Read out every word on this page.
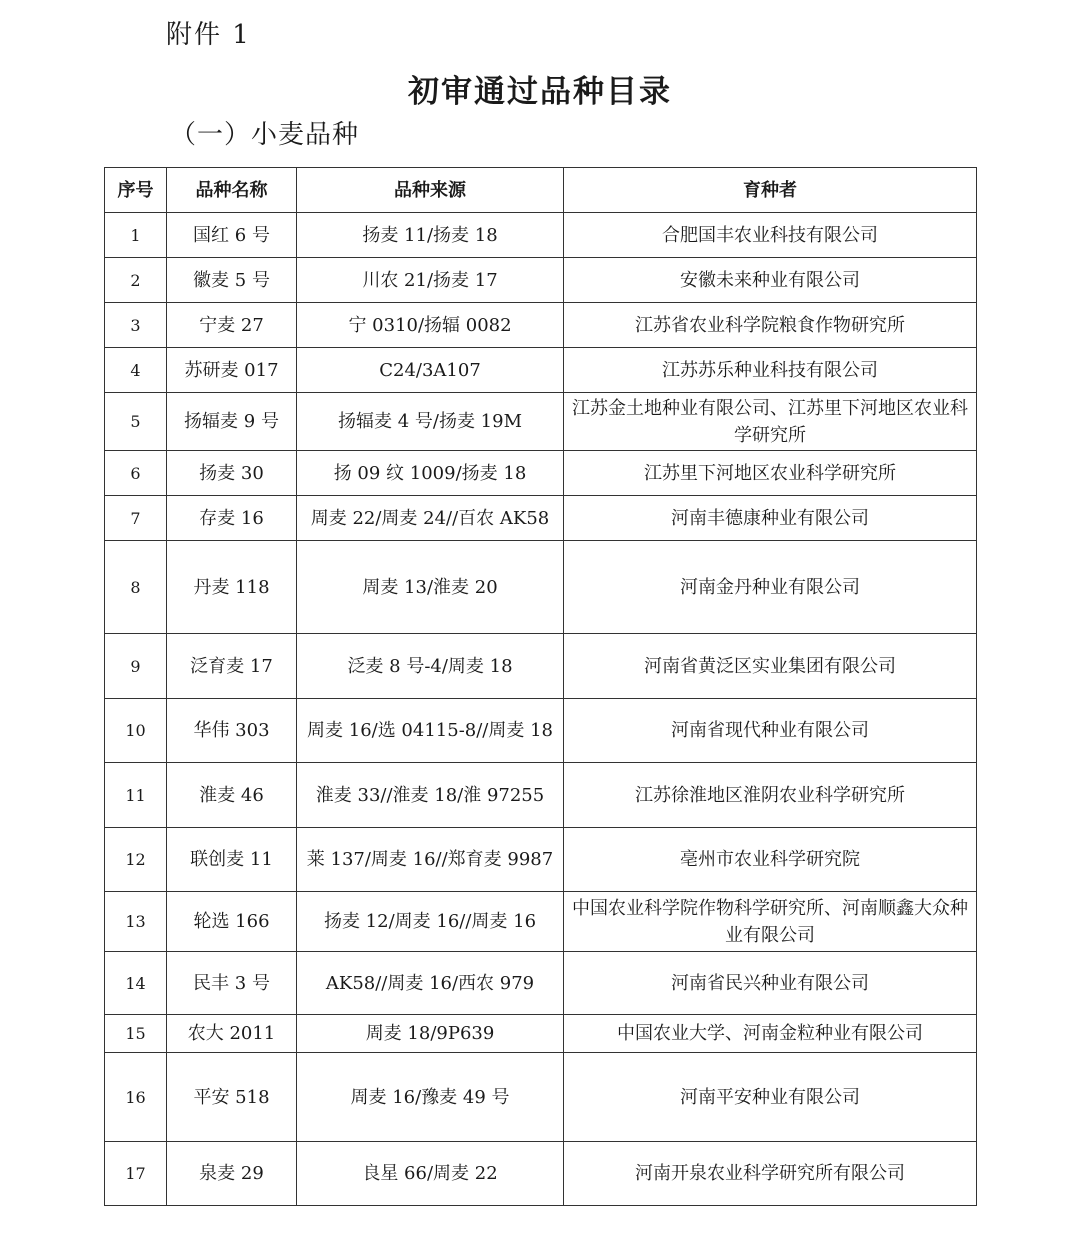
附件 1
初审通过品种目录
（一）小麦品种
序号	品种名称	品种来源	育种者
1	国红 6 号	扬麦 11/扬麦 18	合肥国丰农业科技有限公司
2	徽麦 5 号	川农 21/扬麦 17	安徽未来种业有限公司
3	宁麦 27	宁 0310/扬辐 0082	江苏省农业科学院粮食作物研究所
4	苏研麦 017	C24/3A107	江苏苏乐种业科技有限公司
5	扬辐麦 9 号	扬辐麦 4 号/扬麦 19M	江苏金土地种业有限公司、江苏里下河地区农业科学研究所
6	扬麦 30	扬 09 纹 1009/扬麦 18	江苏里下河地区农业科学研究所
7	存麦 16	周麦 22/周麦 24//百农 AK58	河南丰德康种业有限公司
8	丹麦 118	周麦 13/淮麦 20	河南金丹种业有限公司
9	泛育麦 17	泛麦 8 号-4/周麦 18	河南省黄泛区实业集团有限公司
10	华伟 303	周麦 16/选 04115-8//周麦 18	河南省现代种业有限公司
11	淮麦 46	淮麦 33//淮麦 18/淮 97255	江苏徐淮地区淮阴农业科学研究所
12	联创麦 11	莱 137/周麦 16//郑育麦 9987	亳州市农业科学研究院
13	轮选 166	扬麦 12/周麦 16//周麦 16	中国农业科学院作物科学研究所、河南顺鑫大众种业有限公司
14	民丰 3 号	AK58//周麦 16/西农 979	河南省民兴种业有限公司
15	农大 2011	周麦 18/9P639	中国农业大学、河南金粒种业有限公司
16	平安 518	周麦 16/豫麦 49 号	河南平安种业有限公司
17	泉麦 29	良星 66/周麦 22	河南开泉农业科学研究所有限公司
